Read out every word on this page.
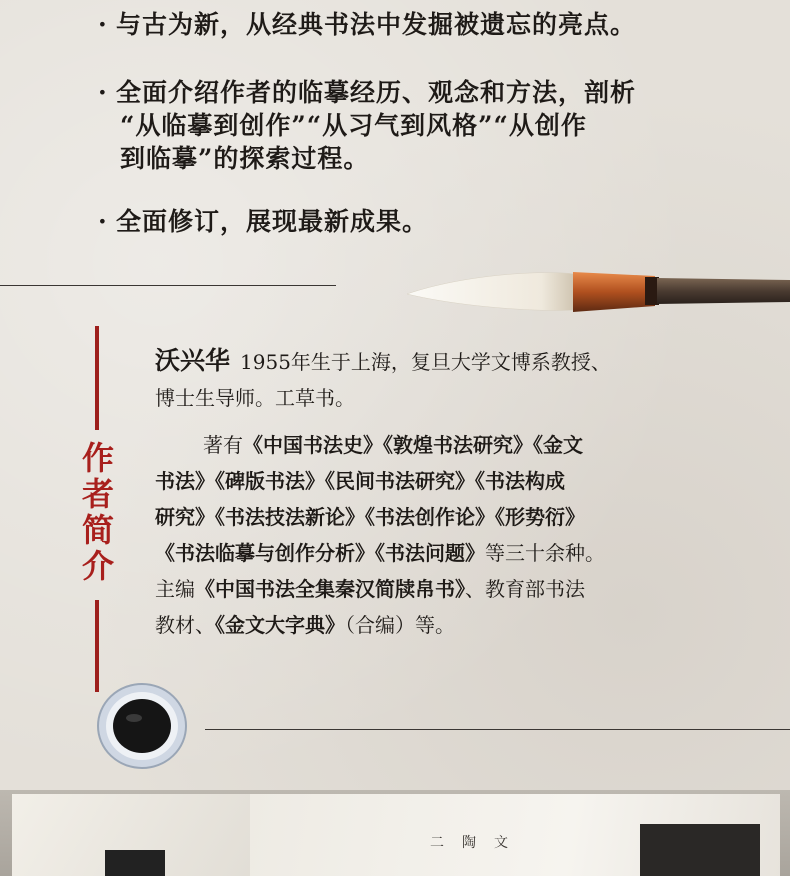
· 与古为新，从经典书法中发掘被遗忘的亮点。
· 全面介绍作者的临摹经历、观念和方法，剖析
“从临摹到创作”“从习气到风格”“从创作
到临摹”的探索过程。
· 全面修订，展现最新成果。
作
者
简
介
沃兴华 1955年生于上海，复旦大学文博系教授、
博士生导师。工草书。
著有《中国书法史》《敦煌书法研究》《金文
书法》《碑版书法》《民间书法研究》《书法构成
研究》《书法技法新论》《书法创作论》《形势衍》
《书法临摹与创作分析》《书法问题》等三十余种。
主编《中国书法全集秦汉简牍帛书》、教育部书法
教材、《金文大字典》（合编）等。
二陶文
